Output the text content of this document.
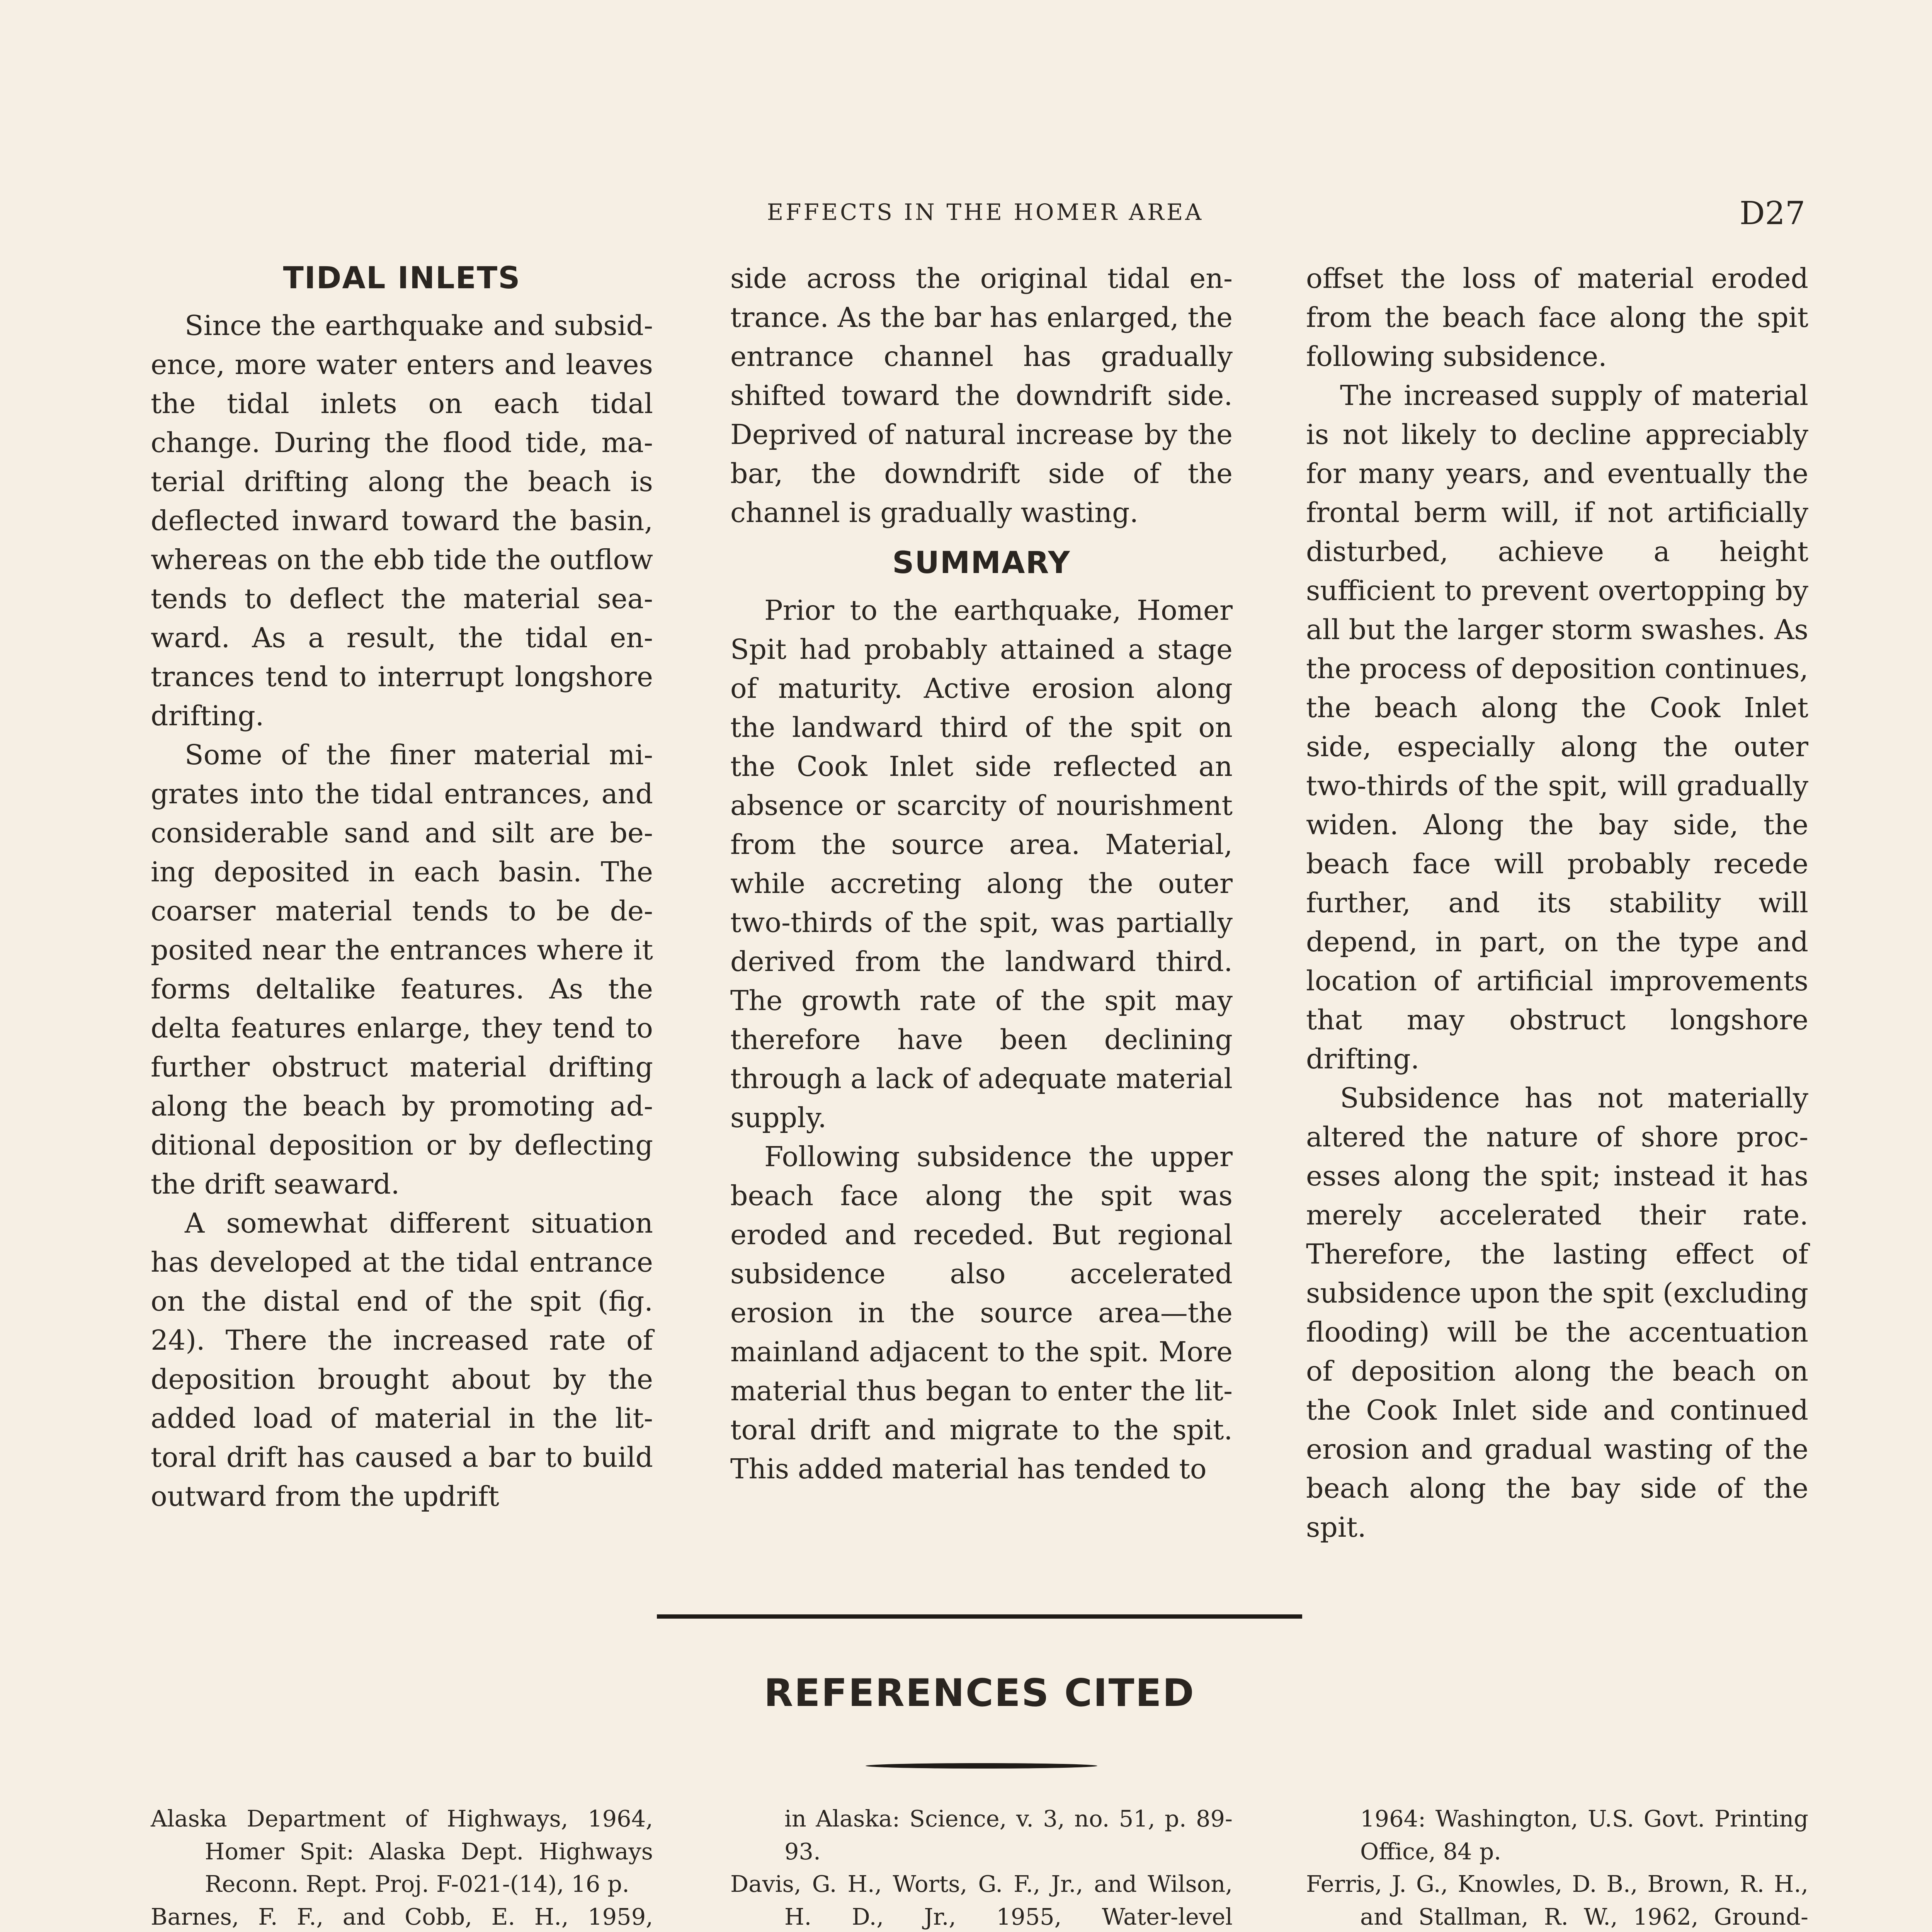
EFFECTS IN THE HOMER AREA	D27
TIDAL INLETS

Since the earthquake and subsidence, more water enters and leaves the tidal inlets on each tidal change. During the flood tide, material drifting along the beach is deflected inward toward the basin, whereas on the ebb tide the outflow tends to deflect the material seaward. As a result, the tidal entrances tend to interrupt longshore drifting.

Some of the finer material migrates into the tidal entrances, and considerable sand and silt are being deposited in each basin. The coarser material tends to be deposited near the entrances where it forms deltalike features. As the delta features enlarge, they tend to further obstruct material drifting along the beach by promoting additional deposition or by deflecting the drift seaward.

A somewhat different situation has developed at the tidal entrance on the distal end of the spit (fig. 24). There the increased rate of deposition brought about by the added load of material in the littoral drift has caused a bar to build outward from the updrift

side across the original tidal entrance. As the bar has enlarged, the entrance channel has gradually shifted toward the downdrift side. Deprived of natural increase by the bar, the downdrift side of the channel is gradually wasting.

SUMMARY

Prior to the earthquake, Homer Spit had probably attained a stage of maturity. Active erosion along the landward third of the spit on the Cook Inlet side reflected an absence or scarcity of nourishment from the source area. Material, while accreting along the outer two-thirds of the spit, was partially derived from the landward third. The growth rate of the spit may therefore have been declining through a lack of adequate material supply.

Following subsidence the upper beach face along the spit was eroded and receded. But regional subsidence also accelerated erosion in the source area—the mainland adjacent to the spit. More material thus began to enter the littoral drift and migrate to the spit. This added material has tended to

offset the loss of material eroded from the beach face along the spit following subsidence.

The increased supply of material is not likely to decline appreciably for many years, and eventually the frontal berm will, if not artificially disturbed, achieve a height sufficient to prevent overtopping by all but the larger storm swashes. As the process of deposition continues, the beach along the Cook Inlet side, especially along the outer two-thirds of the spit, will gradually widen. Along the bay side, the beach face will probably recede further, and its stability will depend, in part, on the type and location of artificial improvements that may obstruct longshore drifting.

Subsidence has not materially altered the nature of shore processes along the spit; instead it has merely accelerated their rate. Therefore, the lasting effect of subsidence upon the spit (excluding flooding) will be the accentuation of deposition along the beach on the Cook Inlet side and continued erosion and gradual wasting of the beach along the bay side of the spit.

REFERENCES CITED

Alaska Department of Highways, 1964, Homer Spit: Alaska Dept. Highways Reconn. Rept. Proj. F-021-(14), 16 p.

Barnes, F. F., and Cobb, E. H., 1959,

in Alaska: Science, v. 3, no. 51, p. 89-93.

Davis, G. H., Worts, G. F., Jr., and Wilson, H. D., Jr., 1955, Water-level

1964: Washington, U.S. Govt. Printing Office, 84 p.

Ferris, J. G., Knowles, D. B., Brown, R. H., and Stallman, R. W., 1962, Ground-
